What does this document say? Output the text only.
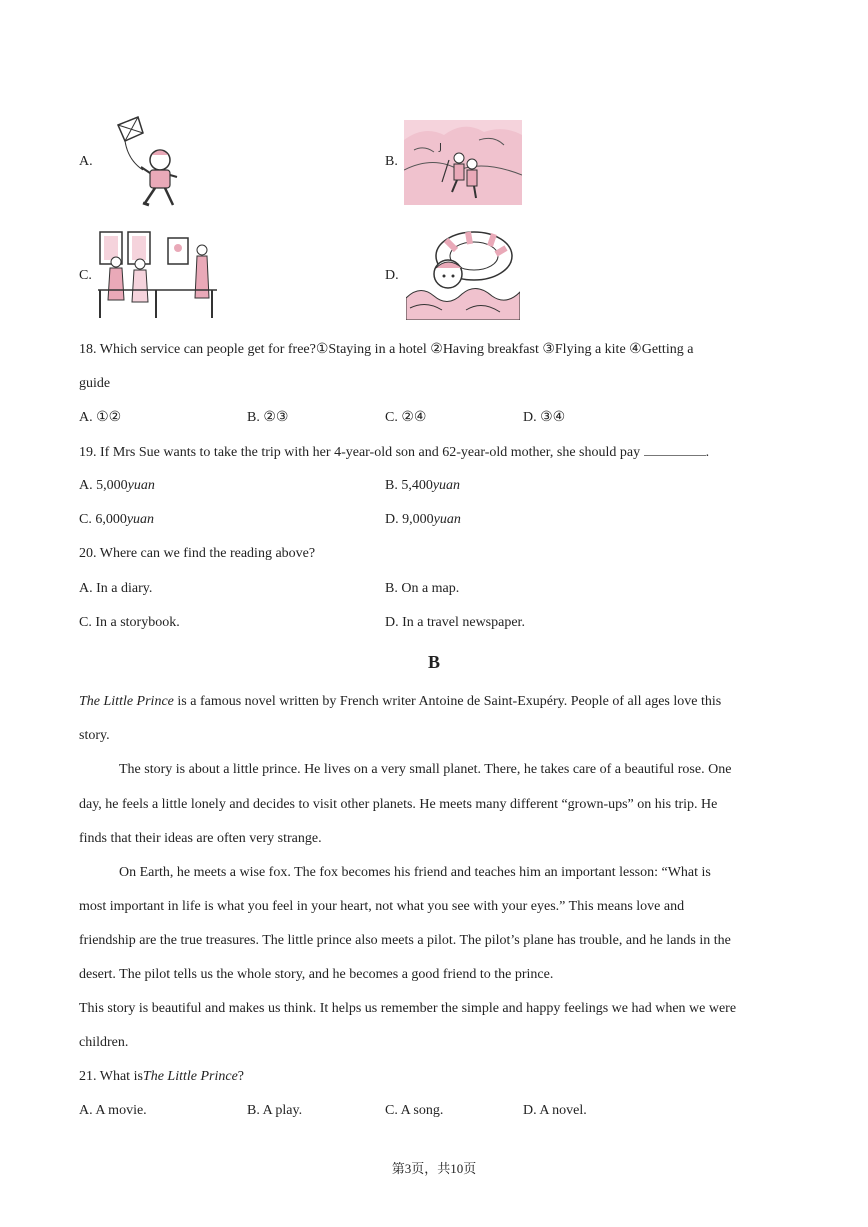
A.	B.
J
C.	D.
18. Which service can people get for free?①Staying in a hotel ②Having breakfast ③Flying a kite ④Getting a
guide
A. ①②	B. ②③	C. ②④	D. ③④
19. If Mrs Sue wants to take the trip with her 4-year-old son and 62-year-old mother, she should pay	.
A. 5,000yuan	B. 5,400yuan
C. 6,000yuan	D. 9,000yuan
20. Where can we find the reading above?
A. In a diary.	B. On a map.
C. In a storybook.	D. In a travel newspaper.
B
The Little Prince is a famous novel written by French writer Antoine de Saint-Exupéry. People of all ages love this
story.
The story is about a little prince. He lives on a very small planet. There, he takes care of a beautiful rose. One
day, he feels a little lonely and decides to visit other planets. He meets many different “grown-ups” on his trip. He
finds that their ideas are often very strange.
On Earth, he meets a wise fox. The fox becomes his friend and teaches him an important lesson: “What is
most important in life is what you feel in your heart, not what you see with your eyes.” This means love and
friendship are the true treasures. The little prince also meets a pilot. The pilot’s plane has trouble, and he lands in the
desert. The pilot tells us the whole story, and he becomes a good friend to the prince.
This story is beautiful and makes us think. It helps us remember the simple and happy feelings we had when we were
children.
21. What isThe Little Prince?
A. A movie.	B. A play.	C. A song.	D. A novel.
第3页，共10页
